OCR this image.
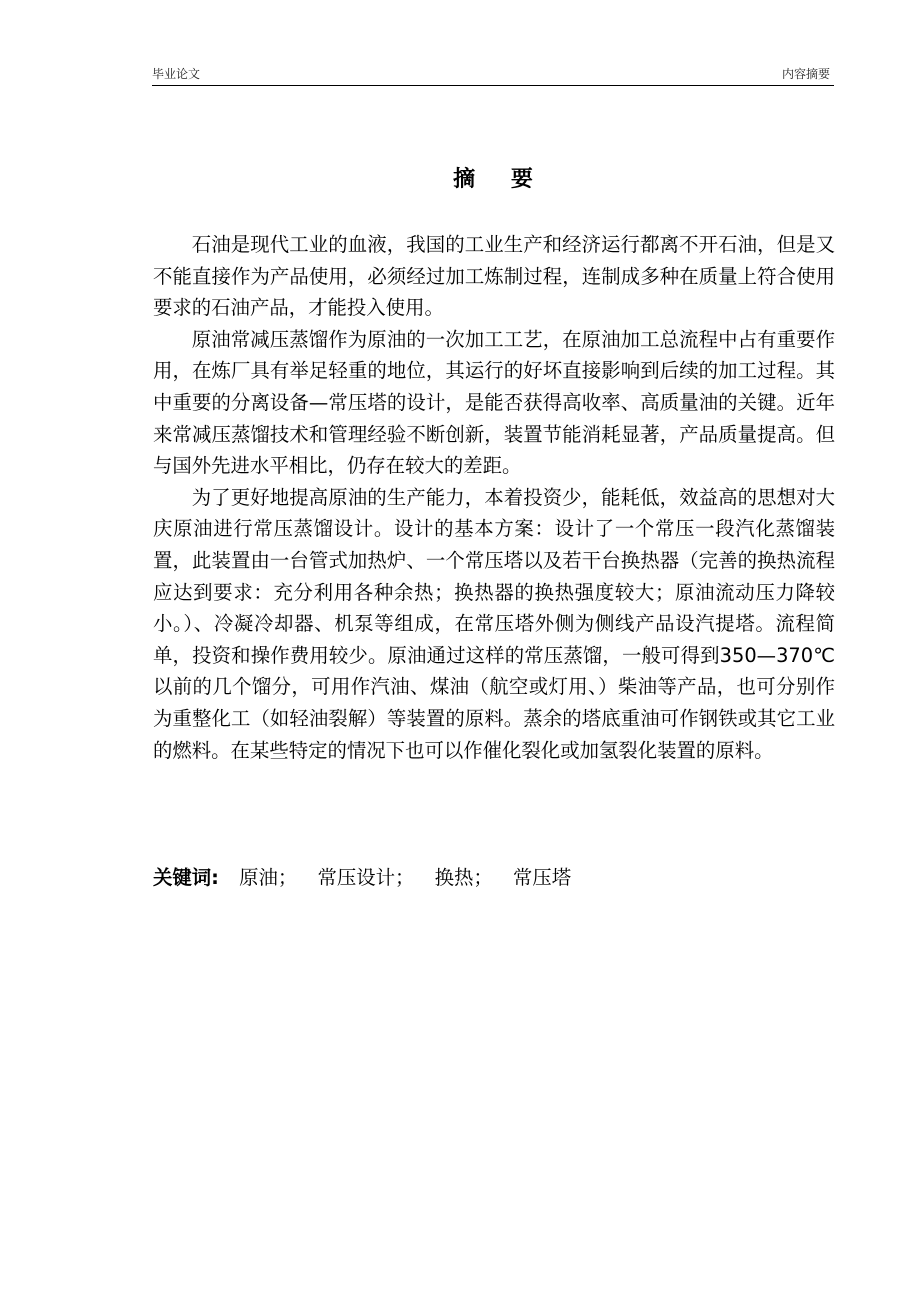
毕业论文	内容摘要
摘 要

石油是现代工业的血液，我国的工业生产和经济运行都离不开石油，但是又不能直接作为产品使用，必须经过加工炼制过程，连制成多种在质量上符合使用要求的石油产品，才能投入使用。

原油常减压蒸馏作为原油的一次加工工艺，在原油加工总流程中占有重要作用，在炼厂具有举足轻重的地位，其运行的好坏直接影响到后续的加工过程。其中重要的分离设备—常压塔的设计，是能否获得高收率、高质量油的关键。近年来常减压蒸馏技术和管理经验不断创新，装置节能消耗显著，产品质量提高。但与国外先进水平相比，仍存在较大的差距。

为了更好地提高原油的生产能力，本着投资少，能耗低，效益高的思想对大庆原油进行常压蒸馏设计。设计的基本方案：设计了一个常压一段汽化蒸馏装置，此装置由一台管式加热炉、一个常压塔以及若干台换热器（完善的换热流程应达到要求：充分利用各种余热；换热器的换热强度较大；原油流动压力降较小。）、冷凝冷却器、机泵等组成，在常压塔外侧为侧线产品设汽提塔。流程简单，投资和操作费用较少。原油通过这样的常压蒸馏，一般可得到350—370℃以前的几个馏分，可用作汽油、煤油（航空或灯用、）柴油等产品，也可分别作为重整化工（如轻油裂解）等装置的原料。蒸余的塔底重油可作钢铁或其它工业的燃料。在某些特定的情况下也可以作催化裂化或加氢裂化装置的原料。

关键词: 原油； 常压设计； 换热； 常压塔
